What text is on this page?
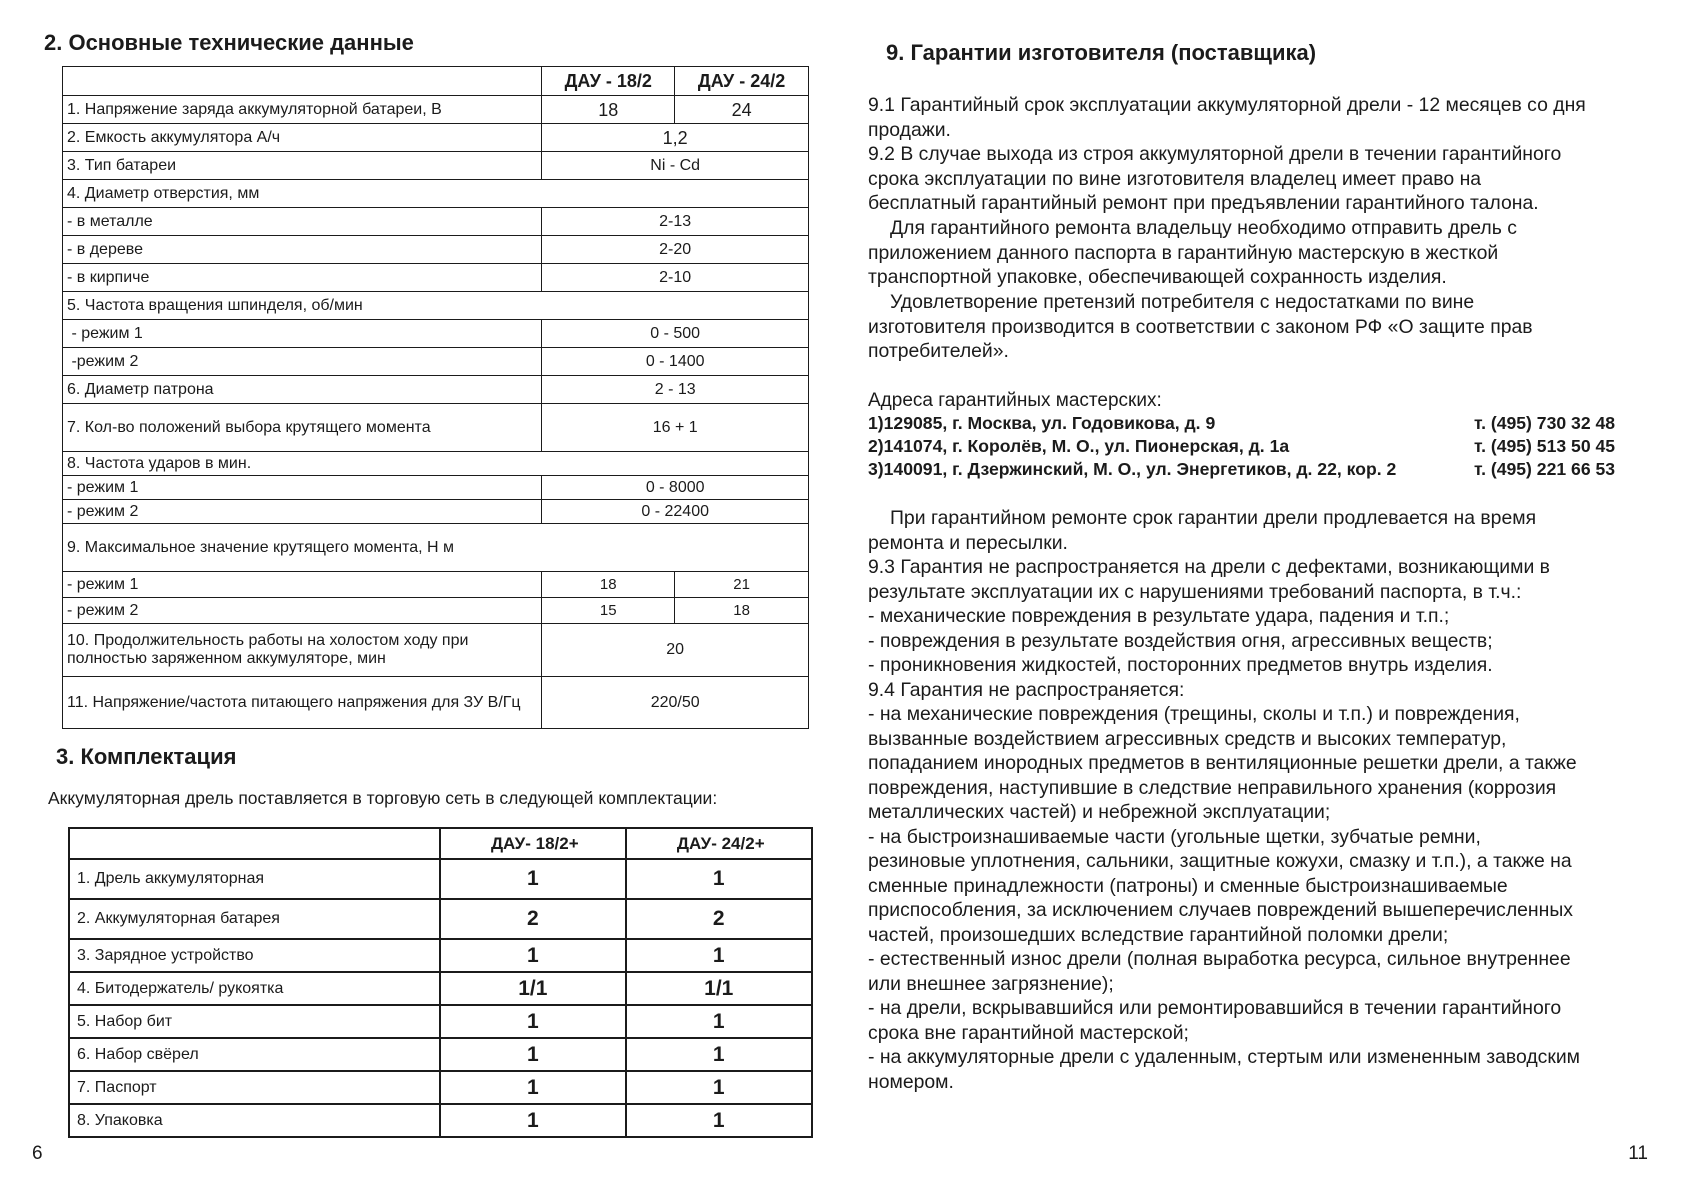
2. Основные технические данные
	ДАУ - 18/2	ДАУ - 24/2
1. Напряжение заряда аккумуляторной батареи, В	18	24
2. Емкость аккумулятора А/ч	1,2	
3. Тип батареи	Ni - Cd	
4. Диаметр отверстия, мм		
- в металле	2-13	
- в дереве	2-20	
- в кирпиче	2-10	
5. Частота вращения шпинделя, об/мин		
- режим 1	0 - 500	
-режим 2	0 - 1400	
6. Диаметр патрона	2 - 13	
7. Кол-во положений выбора крутящего момента	16 + 1	
8. Частота ударов в мин.		
- режим 1	0 - 8000	
- режим 2	0 - 22400	
9. Максимальное значение крутящего момента, Н м		
- режим 1	18	21
- режим 2	15	18
10. Продолжительность работы на холостом ходу при полностью заряженном аккумуляторе, мин	20	
11. Напряжение/частота питающего напряжения для ЗУ В/Гц	220/50	
3. Комплектация
Аккумуляторная дрель поставляется в торговую сеть в следующей комплектации:
	ДАУ- 18/2+	ДАУ- 24/2+
1. Дрель аккумуляторная	1	1
2. Аккумуляторная батарея	2	2
3. Зарядное устройство	1	1
4. Битодержатель/ рукоятка	1/1	1/1
5. Набор бит	1	1
6. Набор свёрел	1	1
7. Паспорт	1	1
8. Упаковка	1	1
6
9. Гарантии изготовителя (поставщика)
9.1 Гарантийный срок эксплуатации аккумуляторной дрели - 12 месяцев со дня
продажи.
9.2 В случае выхода из строя аккумуляторной дрели в течении гарантийного
срока эксплуатации по вине изготовителя владелец имеет право на
бесплатный гарантийный ремонт при предъявлении гарантийного талона.
Для гарантийного ремонта владельцу необходимо отправить дрель с
приложением данного паспорта в гарантийную мастерскую в жесткой
транспортной упаковке, обеспечивающей сохранность изделия.
Удовлетворение претензий потребителя с недостатками по вине
изготовителя производится в соответствии с законом РФ «О защите прав
потребителей».
Адреса гарантийных мастерских:
1)129085, г. Москва, ул. Годовикова, д. 9	т. (495) 730 32 48
2)141074, г. Королёв, М. О., ул. Пионерская, д. 1а	т. (495) 513 50 45
3)140091, г. Дзержинский, М. О., ул. Энергетиков, д. 22, кор. 2	т. (495) 221 66 53
При гарантийном ремонте срок гарантии дрели продлевается на время
ремонта и пересылки.
9.3 Гарантия не распространяется на дрели с дефектами, возникающими в
результате эксплуатации их с нарушениями требований паспорта, в т.ч.:
- механические повреждения в результате удара, падения и т.п.;
- повреждения в результате воздействия огня, агрессивных веществ;
- проникновения жидкостей, посторонних предметов внутрь изделия.
9.4 Гарантия не распространяется:
- на механические повреждения (трещины, сколы и т.п.) и повреждения,
вызванные воздействием агрессивных средств и высоких температур,
попаданием инородных предметов в вентиляционные решетки дрели, а также
повреждения, наступившие в следствие неправильного хранения (коррозия
металлических частей) и небрежной эксплуатации;
- на быстроизнашиваемые части (угольные щетки, зубчатые ремни,
резиновые уплотнения, сальники, защитные кожухи, смазку и т.п.), а также на
сменные принадлежности (патроны) и сменные быстроизнашиваемые
приспособления, за исключением случаев повреждений вышеперечисленных
частей, произошедших вследствие гарантийной поломки дрели;
- естественный износ дрели (полная выработка ресурса, сильное внутреннее
или внешнее загрязнение);
- на дрели, вскрывавшийся или ремонтировавшийся в течении гарантийного
срока вне гарантийной мастерской;
- на аккумуляторные дрели с удаленным, стертым или измененным заводским
номером.
11
